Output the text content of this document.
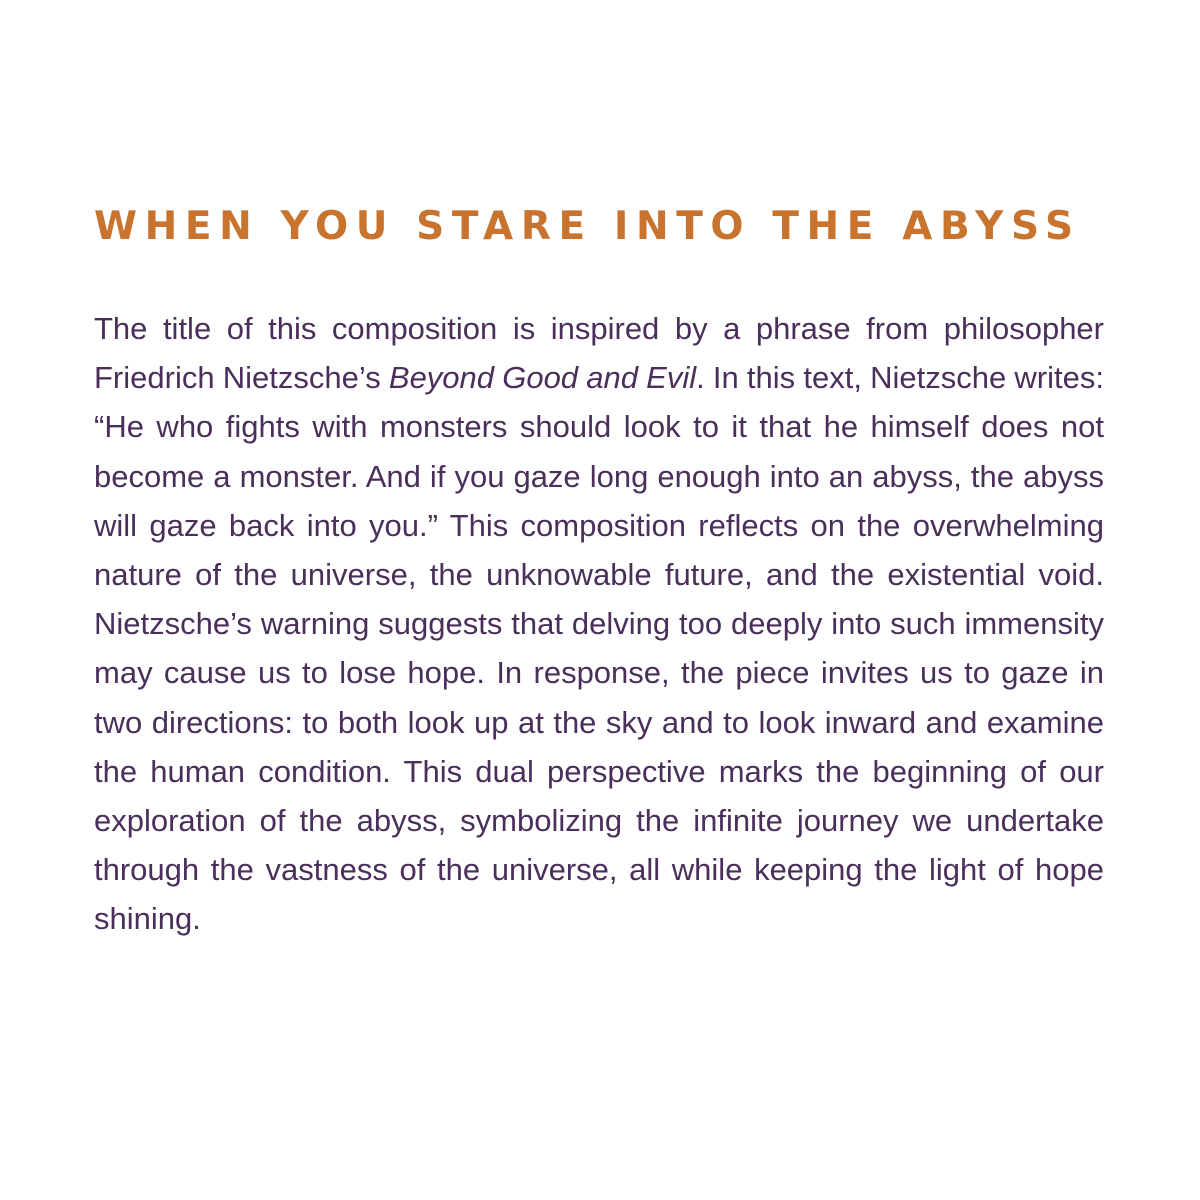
WHEN YOU STARE INTO THE ABYSS

The title of this composition is inspired by a phrase from philosopher Friedrich Nietzsche’s Beyond Good and Evil. In this text, Nietzsche writes: “He who fights with monsters should look to it that he himself does not become a monster. And if you gaze long enough into an abyss, the abyss will gaze back into you.” This composition reflects on the overwhelming nature of the universe, the unknowable future, and the existential void. Nietzsche’s warning suggests that delving too deeply into such immensity may cause us to lose hope. In response, the piece invites us to gaze in two directions: to both look up at the sky and to look inward and examine the human condition. This dual perspective marks the beginning of our exploration of the abyss, symbolizing the infinite journey we undertake through the vastness of the universe, all while keeping the light of hope shining.
